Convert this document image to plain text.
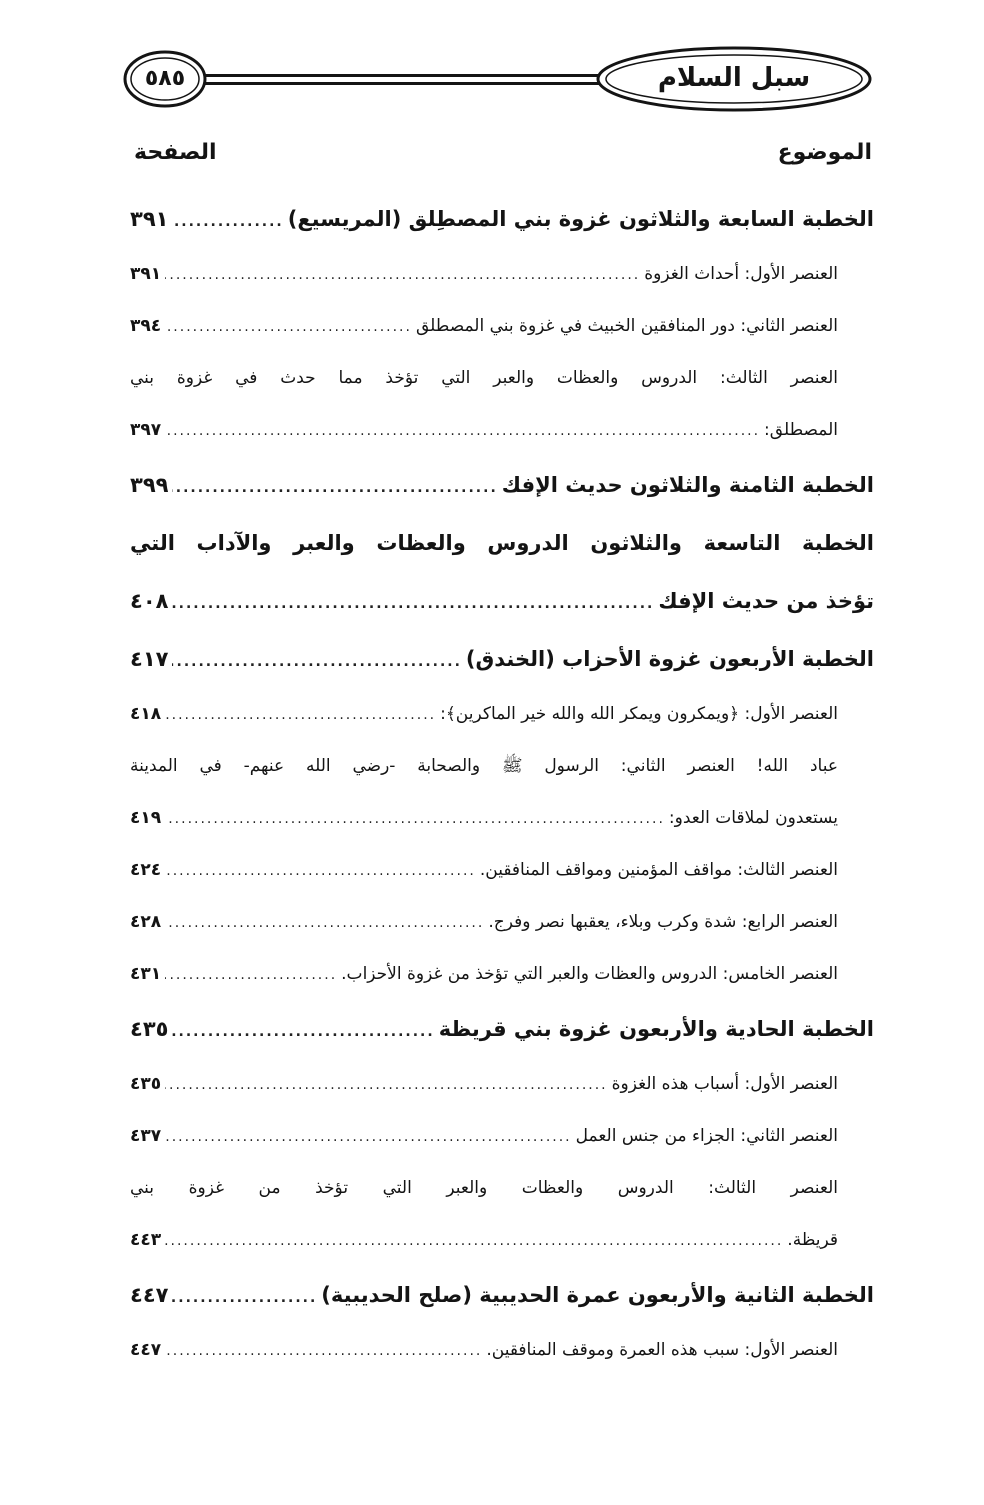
سبل السلام
٥٨٥
الموضوع
الصفحة
الخطبة السابعة والثلاثون غزوة بني المصطِلق (المريسيع)
.....
٣٩١
العنصر الأول: أحداث الغزوة
.....
٣٩١
العنصر الثاني: دور المنافقين الخبيث في غزوة بني المصطلق
.....
٣٩٤
العنصر الثالث: الدروس والعظات والعبر التي تؤخذ مما حدث في غزوة بني
المصطلق:
.....
٣٩٧
الخطبة الثامنة والثلاثون حديث الإفك
.....
٣٩٩
الخطبة التاسعة والثلاثون الدروس والعظات والعبر والآداب التي
تؤخذ من حديث الإفك
.....
٤٠٨
الخطبة الأربعون غزوة الأحزاب (الخندق)
.....
٤١٧
العنصر الأول: ﴿ويمكرون ويمكر الله والله خير الماكرين﴾:
.....
٤١٨
عباد الله! العنصر الثاني: الرسول ﷺ والصحابة -رضي الله عنهم- في المدينة
يستعدون لملاقات العدو:
.....
٤١٩
العنصر الثالث: مواقف المؤمنين ومواقف المنافقين.
.....
٤٢٤
العنصر الرابع: شدة وكرب وبلاء، يعقبها نصر وفرج.
.....
٤٢٨
العنصر الخامس: الدروس والعظات والعبر التي تؤخذ من غزوة الأحزاب.
.....
٤٣١
الخطبة الحادية والأربعون غزوة بني قريظة
.....
٤٣٥
العنصر الأول: أسباب هذه الغزوة
.....
٤٣٥
العنصر الثاني: الجزاء من جنس العمل
.....
٤٣٧
العنصر الثالث: الدروس والعظات والعبر التي تؤخذ من غزوة بني
قريظة.
.....
٤٤٣
الخطبة الثانية والأربعون عمرة الحديبية (صلح الحديبية)
.....
٤٤٧
العنصر الأول: سبب هذه العمرة وموقف المنافقين.
.....
٤٤٧
